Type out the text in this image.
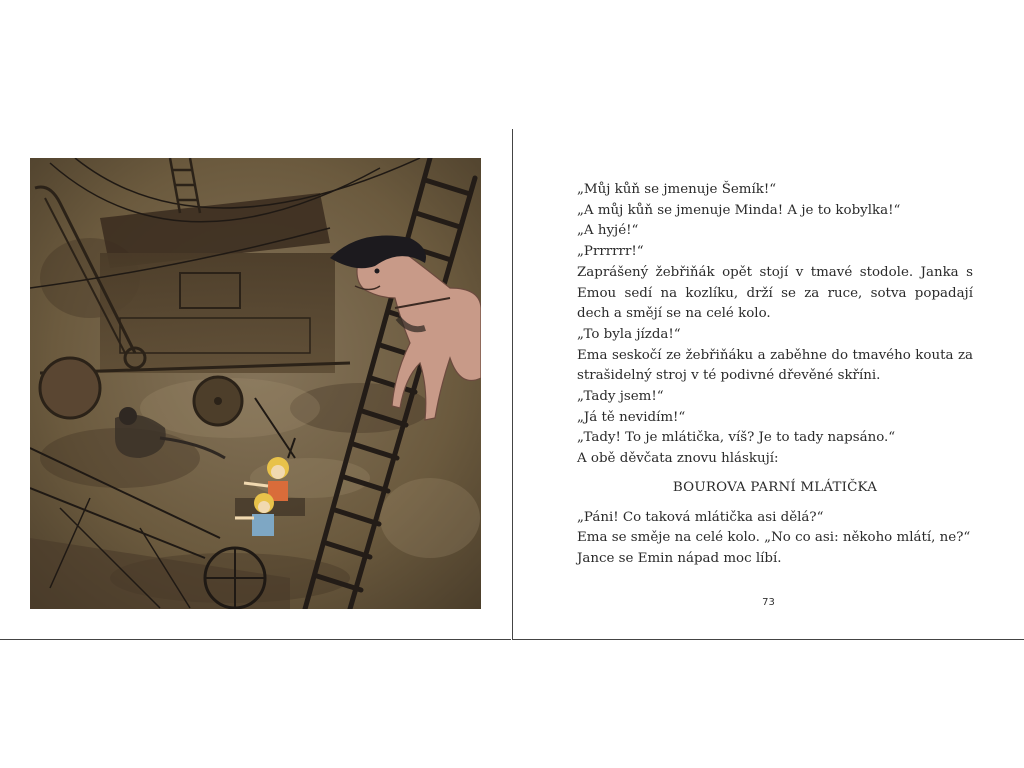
„Můj kůň se jmenuje Šemík!“

„A můj kůň se jmenuje Minda! A je to kobylka!“

„A hyjé!“

„Prrrrrr!“

Zaprášený žebřiňák opět stojí v tmavé stodole. Janka s Emou sedí na kozlíku, drží se za ruce, sotva popadají dech a smějí se na celé kolo.

„To byla jízda!“

Ema seskočí ze žebřiňáku a zaběhne do tmavého kouta za strašidelný stroj v té podivné dřevěné skříni.

„Tady jsem!“

„Já tě nevidím!“

„Tady! To je mlátička, víš? Je to tady napsáno.“

A obě děvčata znovu hláskují:

BOUROVA PARNÍ MLÁTIČKA

„Páni! Co taková mlátička asi dělá?“

Ema se směje na celé kolo. „No co asi: někoho mlátí, ne?“

Jance se Emin nápad moc líbí.

73
